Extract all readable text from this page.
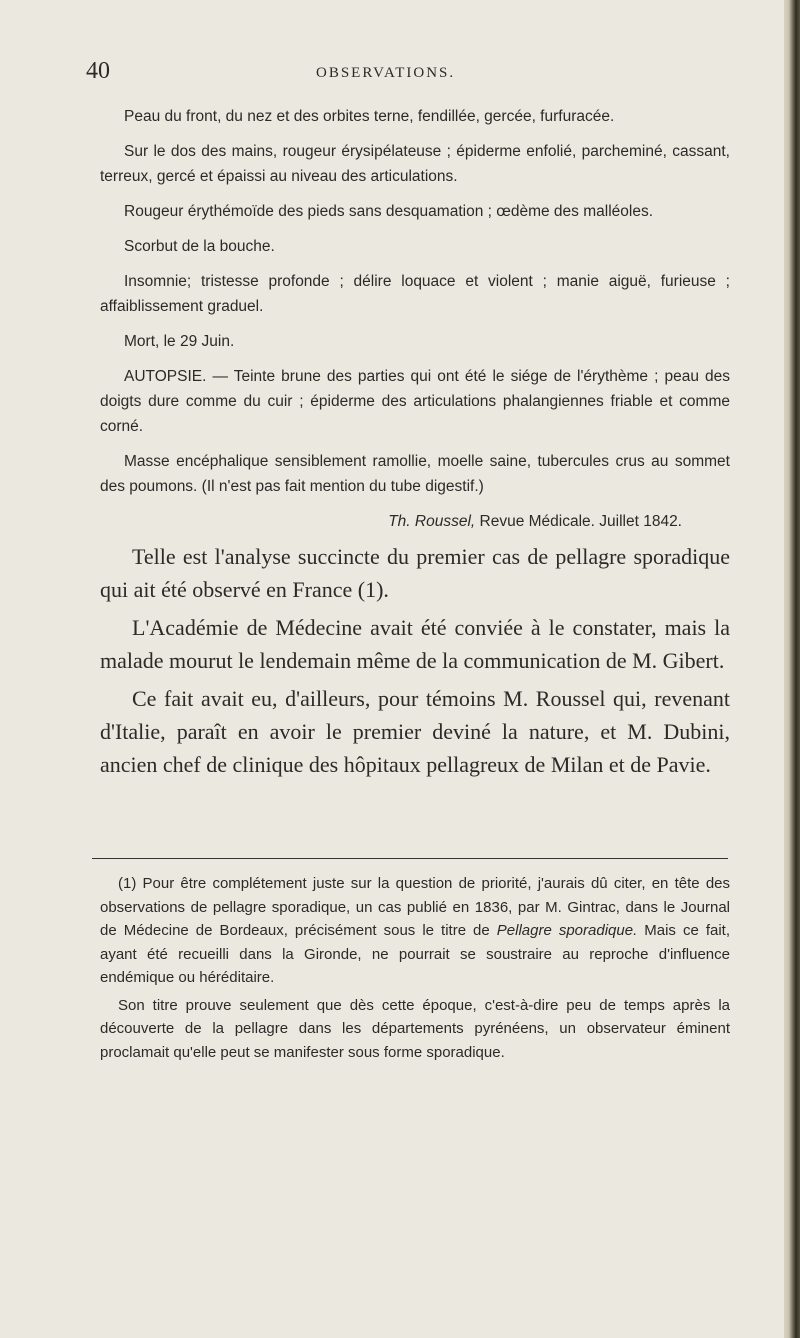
40	OBSERVATIONS.

Peau du front, du nez et des orbites terne, fendillée, gercée, furfuracée.

Sur le dos des mains, rougeur érysipélateuse ; épiderme enfolié, parcheminé, cassant, terreux, gercé et épaissi au niveau des articulations.

Rougeur érythémoïde des pieds sans desquamation ; œdème des malléoles.

Scorbut de la bouche.

Insomnie; tristesse profonde ; délire loquace et violent ; manie aiguë, furieuse ; affaiblissement graduel.

Mort, le 29 Juin.

AUTOPSIE. — Teinte brune des parties qui ont été le siége de l'érythème ; peau des doigts dure comme du cuir ; épiderme des articulations phalangiennes friable et comme corné.

Masse encéphalique sensiblement ramollie, moelle saine, tubercules crus au sommet des poumons. (Il n'est pas fait mention du tube digestif.)

Th. Roussel, Revue Médicale. Juillet 1842.

Telle est l'analyse succincte du premier cas de pellagre sporadique qui ait été observé en France (1).

L'Académie de Médecine avait été conviée à le constater, mais la malade mourut le lendemain même de la communication de M. Gibert.

Ce fait avait eu, d'ailleurs, pour témoins M. Roussel qui, revenant d'Italie, paraît en avoir le premier deviné la nature, et M. Dubini, ancien chef de clinique des hôpitaux pellagreux de Milan et de Pavie.

(1) Pour être complétement juste sur la question de priorité, j'aurais dû citer, en tête des observations de pellagre sporadique, un cas publié en 1836, par M. Gintrac, dans le Journal de Médecine de Bordeaux, précisément sous le titre de Pellagre sporadique. Mais ce fait, ayant été recueilli dans la Gironde, ne pourrait se soustraire au reproche d'influence endémique ou héréditaire.

Son titre prouve seulement que dès cette époque, c'est-à-dire peu de temps après la découverte de la pellagre dans les départements pyrénéens, un observateur éminent proclamait qu'elle peut se manifester sous forme sporadique.
